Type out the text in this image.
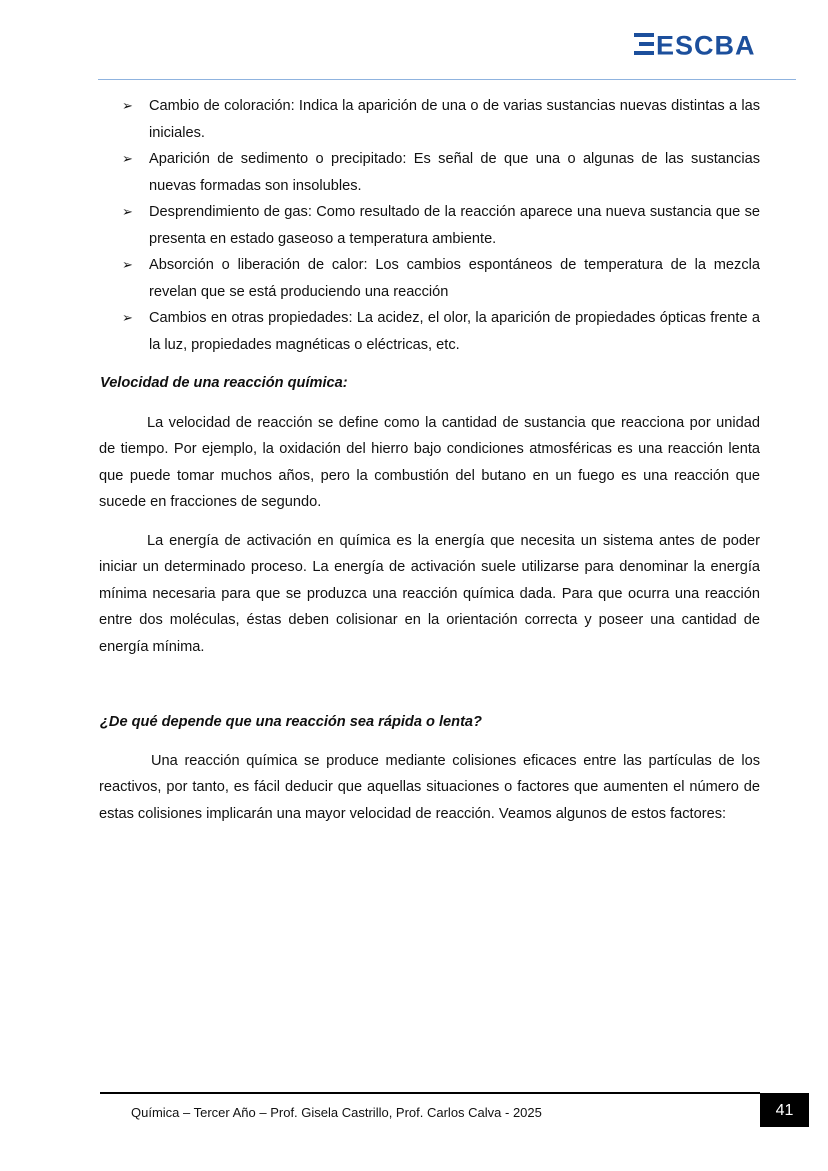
ESCBA
➢ Cambio de coloración: Indica la aparición de una o de varias sustancias nuevas distintas a las iniciales.
➢ Aparición de sedimento o precipitado: Es señal de que una o algunas de las sustancias nuevas formadas son insolubles.
➢ Desprendimiento de gas: Como resultado de la reacción aparece una nueva sustancia que se presenta en estado gaseoso a temperatura ambiente.
➢ Absorción o liberación de calor: Los cambios espontáneos de temperatura de la mezcla revelan que se está produciendo una reacción
➢ Cambios en otras propiedades: La acidez, el olor, la aparición de propiedades ópticas frente a la luz, propiedades magnéticas o eléctricas, etc.
Velocidad de una reacción química:

La velocidad de reacción se define como la cantidad de sustancia que reacciona por unidad de tiempo. Por ejemplo, la oxidación del hierro bajo condiciones atmosféricas es una reacción lenta que puede tomar muchos años, pero la combustión del butano en un fuego es una reacción que sucede en fracciones de segundo.

La energía de activación en química es la energía que necesita un sistema antes de poder iniciar un determinado proceso. La energía de activación suele utilizarse para denominar la energía mínima necesaria para que se produzca una reacción química dada. Para que ocurra una reacción entre dos moléculas, éstas deben colisionar en la orientación correcta y poseer una cantidad de energía mínima.

¿De qué depende que una reacción sea rápida o lenta?

Una reacción química se produce mediante colisiones eficaces entre las partículas de los reactivos, por tanto, es fácil deducir que aquellas situaciones o factores que aumenten el número de estas colisiones implicarán una mayor velocidad de reacción. Veamos algunos de estos factores:

Química – Tercer Año – Prof. Gisela Castrillo, Prof. Carlos Calva - 2025	41
